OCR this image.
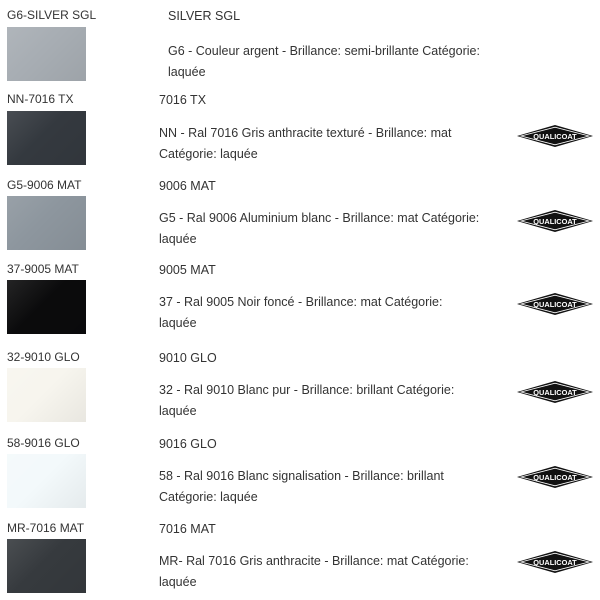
G6-SILVER SGL	SILVER SGL
G6 - Couleur argent - Brillance: semi-brillante Catégorie:
laquée
NN-7016 TX	7016 TX
NN - Ral 7016 Gris anthracite texturé - Brillance: mat
Catégorie: laquée
QUALICOAT
G5-9006 MAT	9006 MAT
G5 - Ral 9006 Aluminium blanc - Brillance: mat Catégorie:
laquée
QUALICOAT
37-9005 MAT	9005 MAT
37 - Ral 9005 Noir foncé - Brillance: mat Catégorie:
laquée
QUALICOAT
32-9010 GLO	9010 GLO
32 - Ral 9010 Blanc pur - Brillance: brillant Catégorie:
laquée
QUALICOAT
58-9016 GLO	9016 GLO
58 - Ral 9016 Blanc signalisation - Brillance: brillant
Catégorie: laquée
QUALICOAT
MR-7016 MAT	7016 MAT
MR- Ral 7016 Gris anthracite - Brillance: mat Catégorie:
laquée
QUALICOAT
